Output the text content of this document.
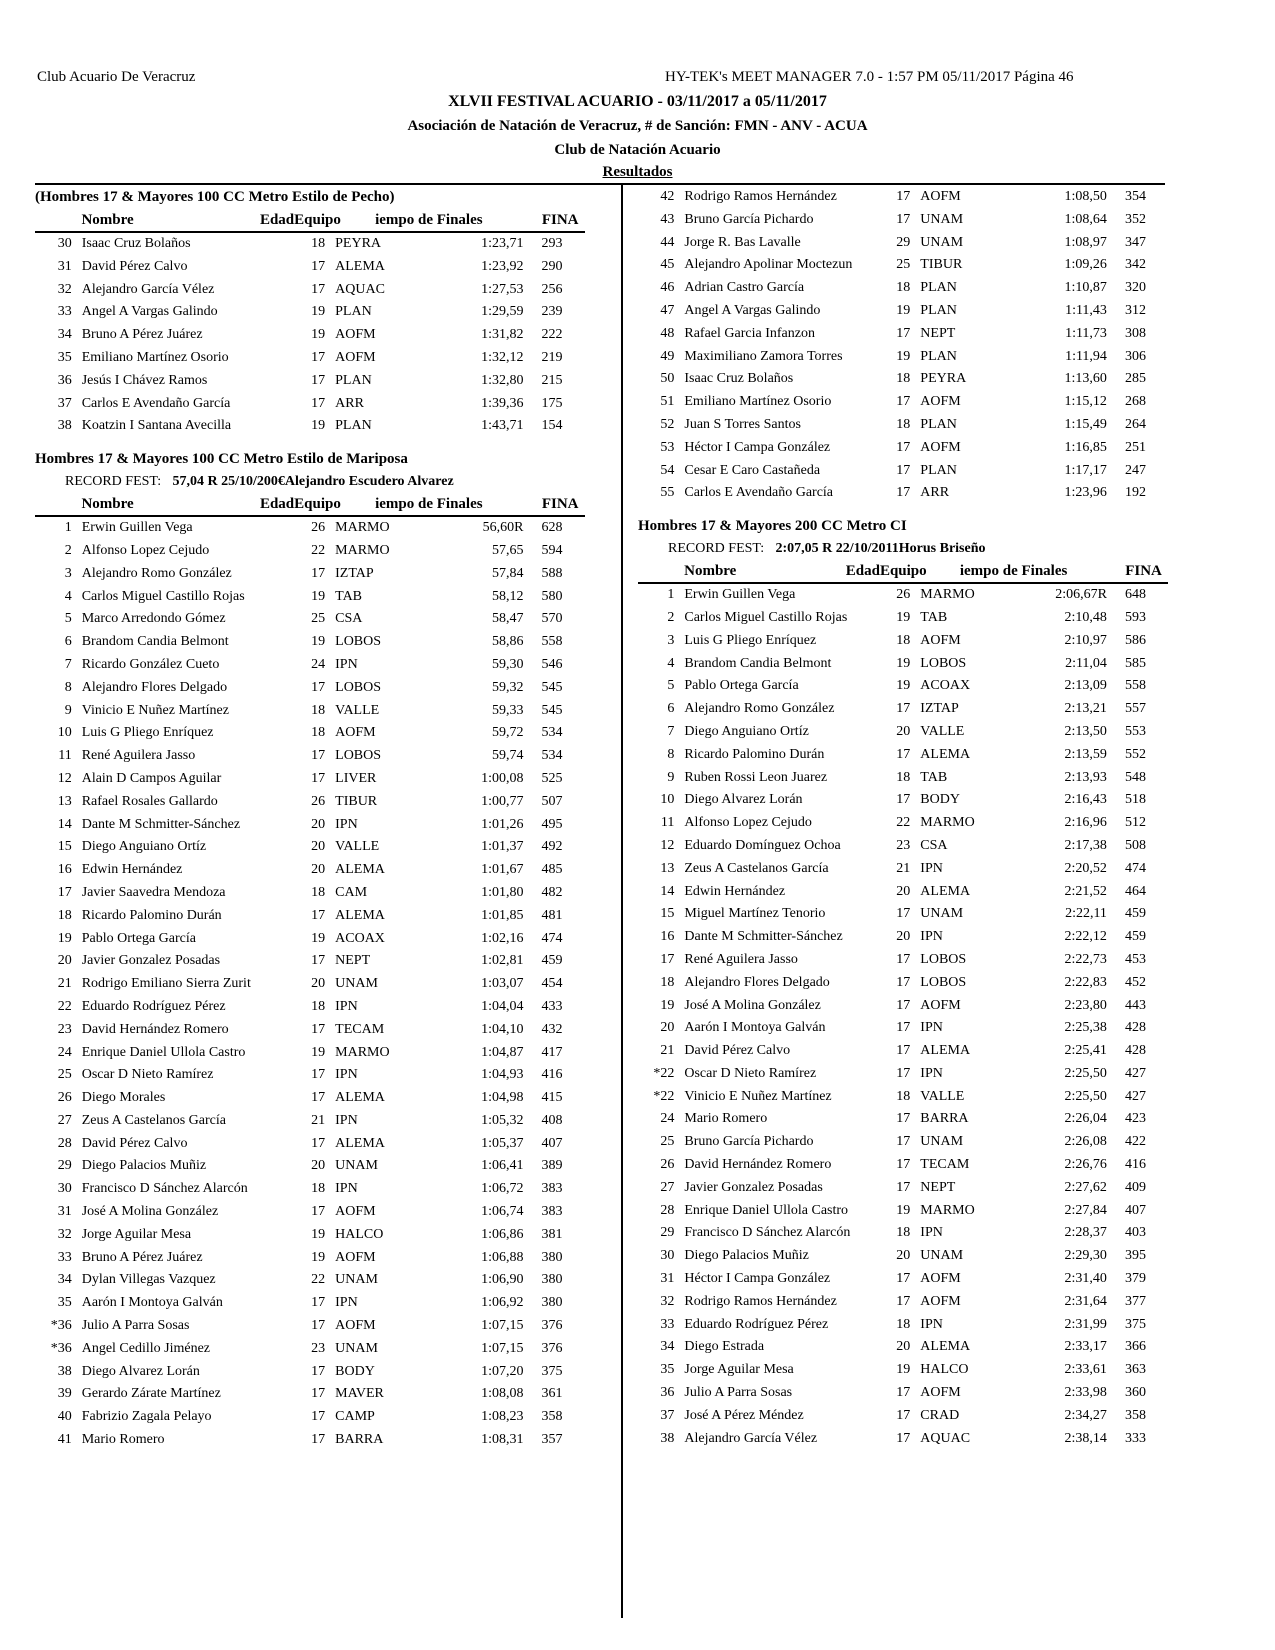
Club Acuario De Veracruz	HY-TEK's MEET MANAGER 7.0 - 1:57 PM 05/11/2017 Página 46
XLVII FESTIVAL ACUARIO - 03/11/2017 a 05/11/2017
Asociación de Natación de Veracruz, # de Sanción: FMN - ANV - ACUA
Club de Natación Acuario
Resultados
(Hombres 17 & Mayores 100 CC Metro Estilo de Pecho)
Nombre	EdadEquipo	iempo de Finales	FINA
30 Isaac Cruz Bolaños	18 PEYRA	1:23,71	293
31 David Pérez Calvo	17 ALEMA	1:23,92	290
32 Alejandro García Vélez	17 AQUAC	1:27,53	256
33 Angel A Vargas Galindo	19 PLAN	1:29,59	239
34 Bruno A Pérez Juárez	19 AOFM	1:31,82	222
35 Emiliano Martínez Osorio	17 AOFM	1:32,12	219
36 Jesús I Chávez Ramos	17 PLAN	1:32,80	215
37 Carlos E Avendaño García	17 ARR	1:39,36	175
38 Koatzin I Santana Avecilla	19 PLAN	1:43,71	154
Hombres 17 & Mayores 100 CC Metro Estilo de Mariposa
RECORD FEST: 57,04 R 25/10/200€Alejandro Escudero Alvarez
Nombre	EdadEquipo	iempo de Finales	FINA
1 Erwin Guillen Vega	26 MARMO	56,60R	628
2 Alfonso Lopez Cejudo	22 MARMO	57,65	594
3 Alejandro Romo González	17 IZTAP	57,84	588
4 Carlos Miguel Castillo Rojas	19 TAB	58,12	580
5 Marco Arredondo Gómez	25 CSA	58,47	570
6 Brandom Candia Belmont	19 LOBOS	58,86	558
7 Ricardo González Cueto	24 IPN	59,30	546
8 Alejandro Flores Delgado	17 LOBOS	59,32	545
9 Vinicio E Nuñez Martínez	18 VALLE	59,33	545
10 Luis G Pliego Enríquez	18 AOFM	59,72	534
11 René Aguilera Jasso	17 LOBOS	59,74	534
12 Alain D Campos Aguilar	17 LIVER	1:00,08	525
13 Rafael Rosales Gallardo	26 TIBUR	1:00,77	507
14 Dante M Schmitter-Sánchez	20 IPN	1:01,26	495
15 Diego Anguiano Ortíz	20 VALLE	1:01,37	492
16 Edwin Hernández	20 ALEMA	1:01,67	485
17 Javier Saavedra Mendoza	18 CAM	1:01,80	482
18 Ricardo Palomino Durán	17 ALEMA	1:01,85	481
19 Pablo Ortega García	19 ACOAX	1:02,16	474
20 Javier Gonzalez Posadas	17 NEPT	1:02,81	459
21 Rodrigo Emiliano Sierra Zurit	20 UNAM	1:03,07	454
22 Eduardo Rodríguez Pérez	18 IPN	1:04,04	433
23 David Hernández Romero	17 TECAM	1:04,10	432
24 Enrique Daniel Ullola Castro	19 MARMO	1:04,87	417
25 Oscar D Nieto Ramírez	17 IPN	1:04,93	416
26 Diego Morales	17 ALEMA	1:04,98	415
27 Zeus A Castelanos García	21 IPN	1:05,32	408
28 David Pérez Calvo	17 ALEMA	1:05,37	407
29 Diego Palacios Muñiz	20 UNAM	1:06,41	389
30 Francisco D Sánchez Alarcón	18 IPN	1:06,72	383
31 José A Molina González	17 AOFM	1:06,74	383
32 Jorge Aguilar Mesa	19 HALCO	1:06,86	381
33 Bruno A Pérez Juárez	19 AOFM	1:06,88	380
34 Dylan Villegas Vazquez	22 UNAM	1:06,90	380
35 Aarón I Montoya Galván	17 IPN	1:06,92	380
*36 Julio A Parra Sosas	17 AOFM	1:07,15	376
*36 Angel Cedillo Jiménez	23 UNAM	1:07,15	376
38 Diego Alvarez Lorán	17 BODY	1:07,20	375
39 Gerardo Zárate Martínez	17 MAVER	1:08,08	361
40 Fabrizio Zagala Pelayo	17 CAMP	1:08,23	358
41 Mario Romero	17 BARRA	1:08,31	357
42 Rodrigo Ramos Hernández	17 AOFM	1:08,50	354
43 Bruno García Pichardo	17 UNAM	1:08,64	352
44 Jorge R. Bas Lavalle	29 UNAM	1:08,97	347
45 Alejandro Apolinar Moctezun	25 TIBUR	1:09,26	342
46 Adrian Castro García	18 PLAN	1:10,87	320
47 Angel A Vargas Galindo	19 PLAN	1:11,43	312
48 Rafael Garcia Infanzon	17 NEPT	1:11,73	308
49 Maximiliano Zamora Torres	19 PLAN	1:11,94	306
50 Isaac Cruz Bolaños	18 PEYRA	1:13,60	285
51 Emiliano Martínez Osorio	17 AOFM	1:15,12	268
52 Juan S Torres Santos	18 PLAN	1:15,49	264
53 Héctor I Campa González	17 AOFM	1:16,85	251
54 Cesar E Caro Castañeda	17 PLAN	1:17,17	247
55 Carlos E Avendaño García	17 ARR	1:23,96	192
Hombres 17 & Mayores 200 CC Metro CI
RECORD FEST: 2:07,05 R 22/10/2011Horus Briseño
Nombre	EdadEquipo	iempo de Finales	FINA
1 Erwin Guillen Vega	26 MARMO	2:06,67R	648
2 Carlos Miguel Castillo Rojas	19 TAB	2:10,48	593
3 Luis G Pliego Enríquez	18 AOFM	2:10,97	586
4 Brandom Candia Belmont	19 LOBOS	2:11,04	585
5 Pablo Ortega García	19 ACOAX	2:13,09	558
6 Alejandro Romo González	17 IZTAP	2:13,21	557
7 Diego Anguiano Ortíz	20 VALLE	2:13,50	553
8 Ricardo Palomino Durán	17 ALEMA	2:13,59	552
9 Ruben Rossi Leon Juarez	18 TAB	2:13,93	548
10 Diego Alvarez Lorán	17 BODY	2:16,43	518
11 Alfonso Lopez Cejudo	22 MARMO	2:16,96	512
12 Eduardo Domínguez Ochoa	23 CSA	2:17,38	508
13 Zeus A Castelanos García	21 IPN	2:20,52	474
14 Edwin Hernández	20 ALEMA	2:21,52	464
15 Miguel Martínez Tenorio	17 UNAM	2:22,11	459
16 Dante M Schmitter-Sánchez	20 IPN	2:22,12	459
17 René Aguilera Jasso	17 LOBOS	2:22,73	453
18 Alejandro Flores Delgado	17 LOBOS	2:22,83	452
19 José A Molina González	17 AOFM	2:23,80	443
20 Aarón I Montoya Galván	17 IPN	2:25,38	428
21 David Pérez Calvo	17 ALEMA	2:25,41	428
*22 Oscar D Nieto Ramírez	17 IPN	2:25,50	427
*22 Vinicio E Nuñez Martínez	18 VALLE	2:25,50	427
24 Mario Romero	17 BARRA	2:26,04	423
25 Bruno García Pichardo	17 UNAM	2:26,08	422
26 David Hernández Romero	17 TECAM	2:26,76	416
27 Javier Gonzalez Posadas	17 NEPT	2:27,62	409
28 Enrique Daniel Ullola Castro	19 MARMO	2:27,84	407
29 Francisco D Sánchez Alarcón	18 IPN	2:28,37	403
30 Diego Palacios Muñiz	20 UNAM	2:29,30	395
31 Héctor I Campa González	17 AOFM	2:31,40	379
32 Rodrigo Ramos Hernández	17 AOFM	2:31,64	377
33 Eduardo Rodríguez Pérez	18 IPN	2:31,99	375
34 Diego Estrada	20 ALEMA	2:33,17	366
35 Jorge Aguilar Mesa	19 HALCO	2:33,61	363
36 Julio A Parra Sosas	17 AOFM	2:33,98	360
37 José A Pérez Méndez	17 CRAD	2:34,27	358
38 Alejandro García Vélez	17 AQUAC	2:38,14	333
